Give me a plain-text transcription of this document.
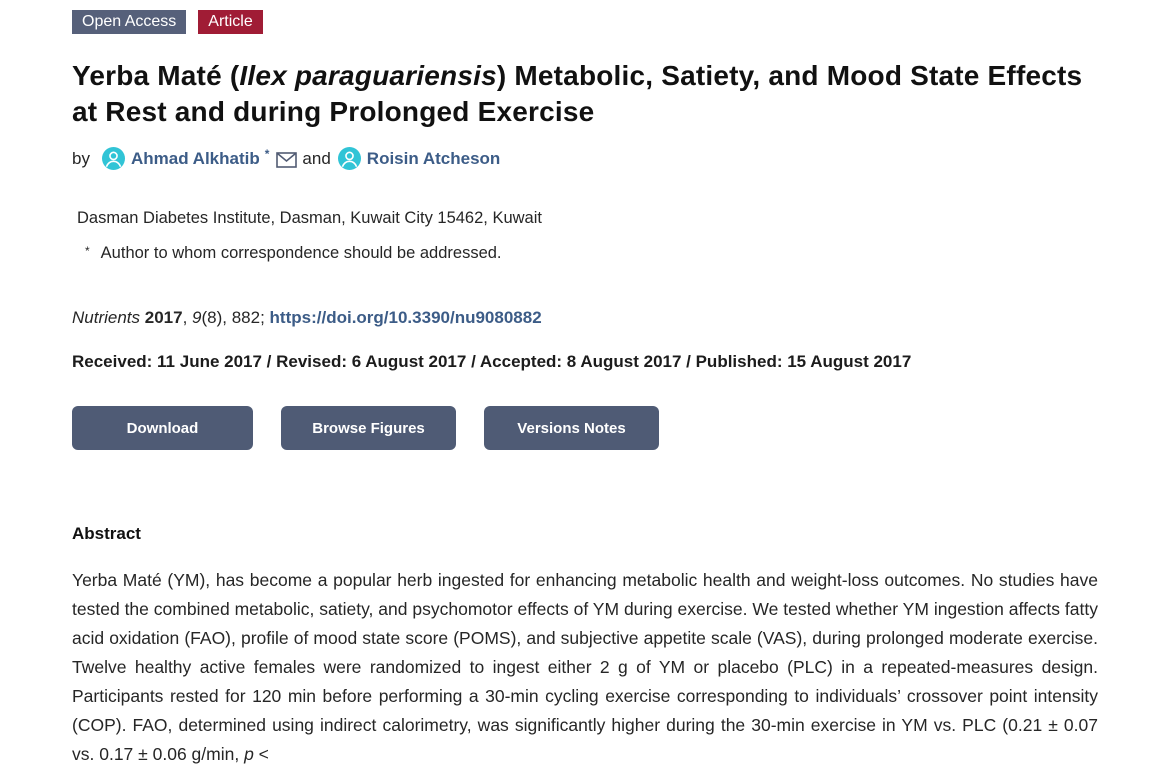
Open Access	Article
Yerba Maté (Ilex paraguariensis) Metabolic, Satiety, and Mood State Effects at Rest and during Prolonged Exercise
by Ahmad Alkhatib * and Roisin Atcheson
Dasman Diabetes Institute, Dasman, Kuwait City 15462, Kuwait
* Author to whom correspondence should be addressed.
Nutrients 2017, 9(8), 882; https://doi.org/10.3390/nu9080882
Received: 11 June 2017 / Revised: 6 August 2017 / Accepted: 8 August 2017 / Published: 15 August 2017
Download	Browse Figures	Versions Notes
Abstract

Yerba Maté (YM), has become a popular herb ingested for enhancing metabolic health and weight-loss outcomes. No studies have tested the combined metabolic, satiety, and psychomotor effects of YM during exercise. We tested whether YM ingestion affects fatty acid oxidation (FAO), profile of mood state score (POMS), and subjective appetite scale (VAS), during prolonged moderate exercise. Twelve healthy active females were randomized to ingest either 2 g of YM or placebo (PLC) in a repeated-measures design. Participants rested for 120 min before performing a 30-min cycling exercise corresponding to individuals’ crossover point intensity (COP). FAO, determined using indirect calorimetry, was significantly higher during the 30-min exercise in YM vs. PLC (0.21 ± 0.07 vs. 0.17 ± 0.06 g/min, p <
